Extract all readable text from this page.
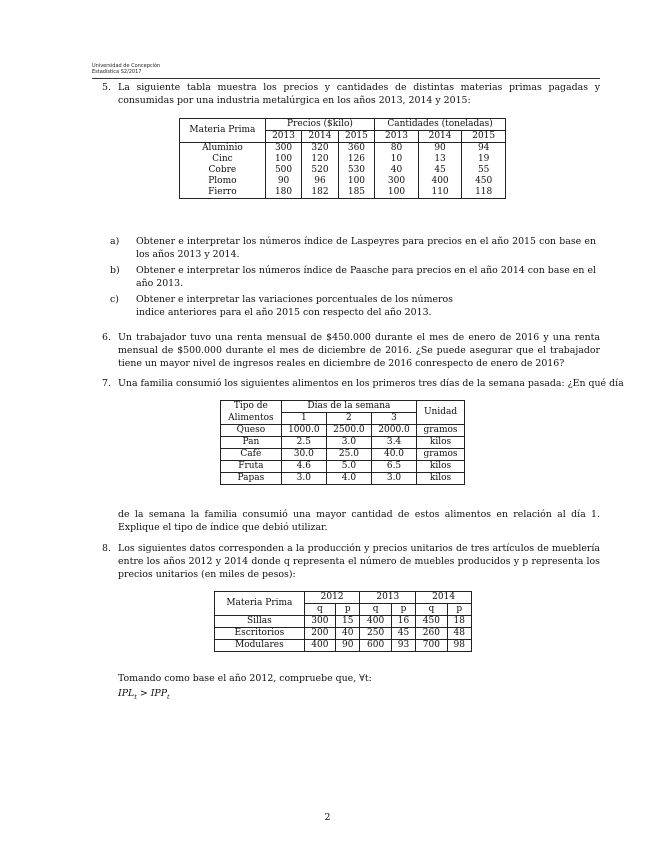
Universidad de Concepción
Estadística S2/2017
5. La siguiente tabla muestra los precios y cantidades de distintas materias primas pagadas y consumidas por una industria metalúrgica en los años 2013, 2014 y 2015:
Materia Prima	Precios ($kilo)			Cantidades (toneladas)		
	2013	2014	2015	2013	2014	2015
Aluminio	300	320	360	80	90	94
Cinc	100	120	126	10	13	19
Cobre	500	520	530	40	45	55
Plomo	90	96	100	300	400	450
Fierro	180	182	185	100	110	118
a) Obtener e interpretar los números índice de Laspeyres para precios en el año 2015 con base en los años 2013 y 2014.
b) Obtener e interpretar los números índice de Paasche para precios en el año 2014 con base en el año 2013.
c) Obtener e interpretar las variaciones porcentuales de los números
indice anteriores para el año 2015 con respecto del año 2013.
6. Un trabajador tuvo una renta mensual de $450.000 durante el mes de enero de 2016 y una renta mensual de $500.000 durante el mes de diciembre de 2016. ¿Se puede asegurar que el trabajador tiene un mayor nivel de ingresos reales en diciembre de 2016 conrespecto de enero de 2016?
7. Una familia consumió los siguientes alimentos en los primeros tres días de la semana pasada: ¿En qué día
Tipo de	Días de la semana			Unidad
Alimentos	1	2	3	
Queso	1000.0	2500.0	2000.0	gramos
Pan	2.5	3.0	3.4	kilos
Café	30.0	25.0	40.0	gramos
Fruta	4.6	5.0	6.5	kilos
Papas	3.0	4.0	3.0	kilos
de la semana la familia consumió una mayor cantidad de estos alimentos en relación al día 1. Explique el tipo de índice que debió utilizar.
8. Los siguientes datos corresponden a la producción y precios unitarios de tres artículos de mueblería entre los años 2012 y 2014 donde q representa el número de muebles producidos y p representa los precios unitarios (en miles de pesos):
Materia Prima	2012		2013		2014	
	q	p	q	p	q	p
Sillas	300	15	400	16	450	18
Escritorios	200	40	250	45	260	48
Modulares	400	90	600	93	700	98
Tomando como base el año 2012, compruebe que, ∀t:
$IPL_t > IPP_t$
2
